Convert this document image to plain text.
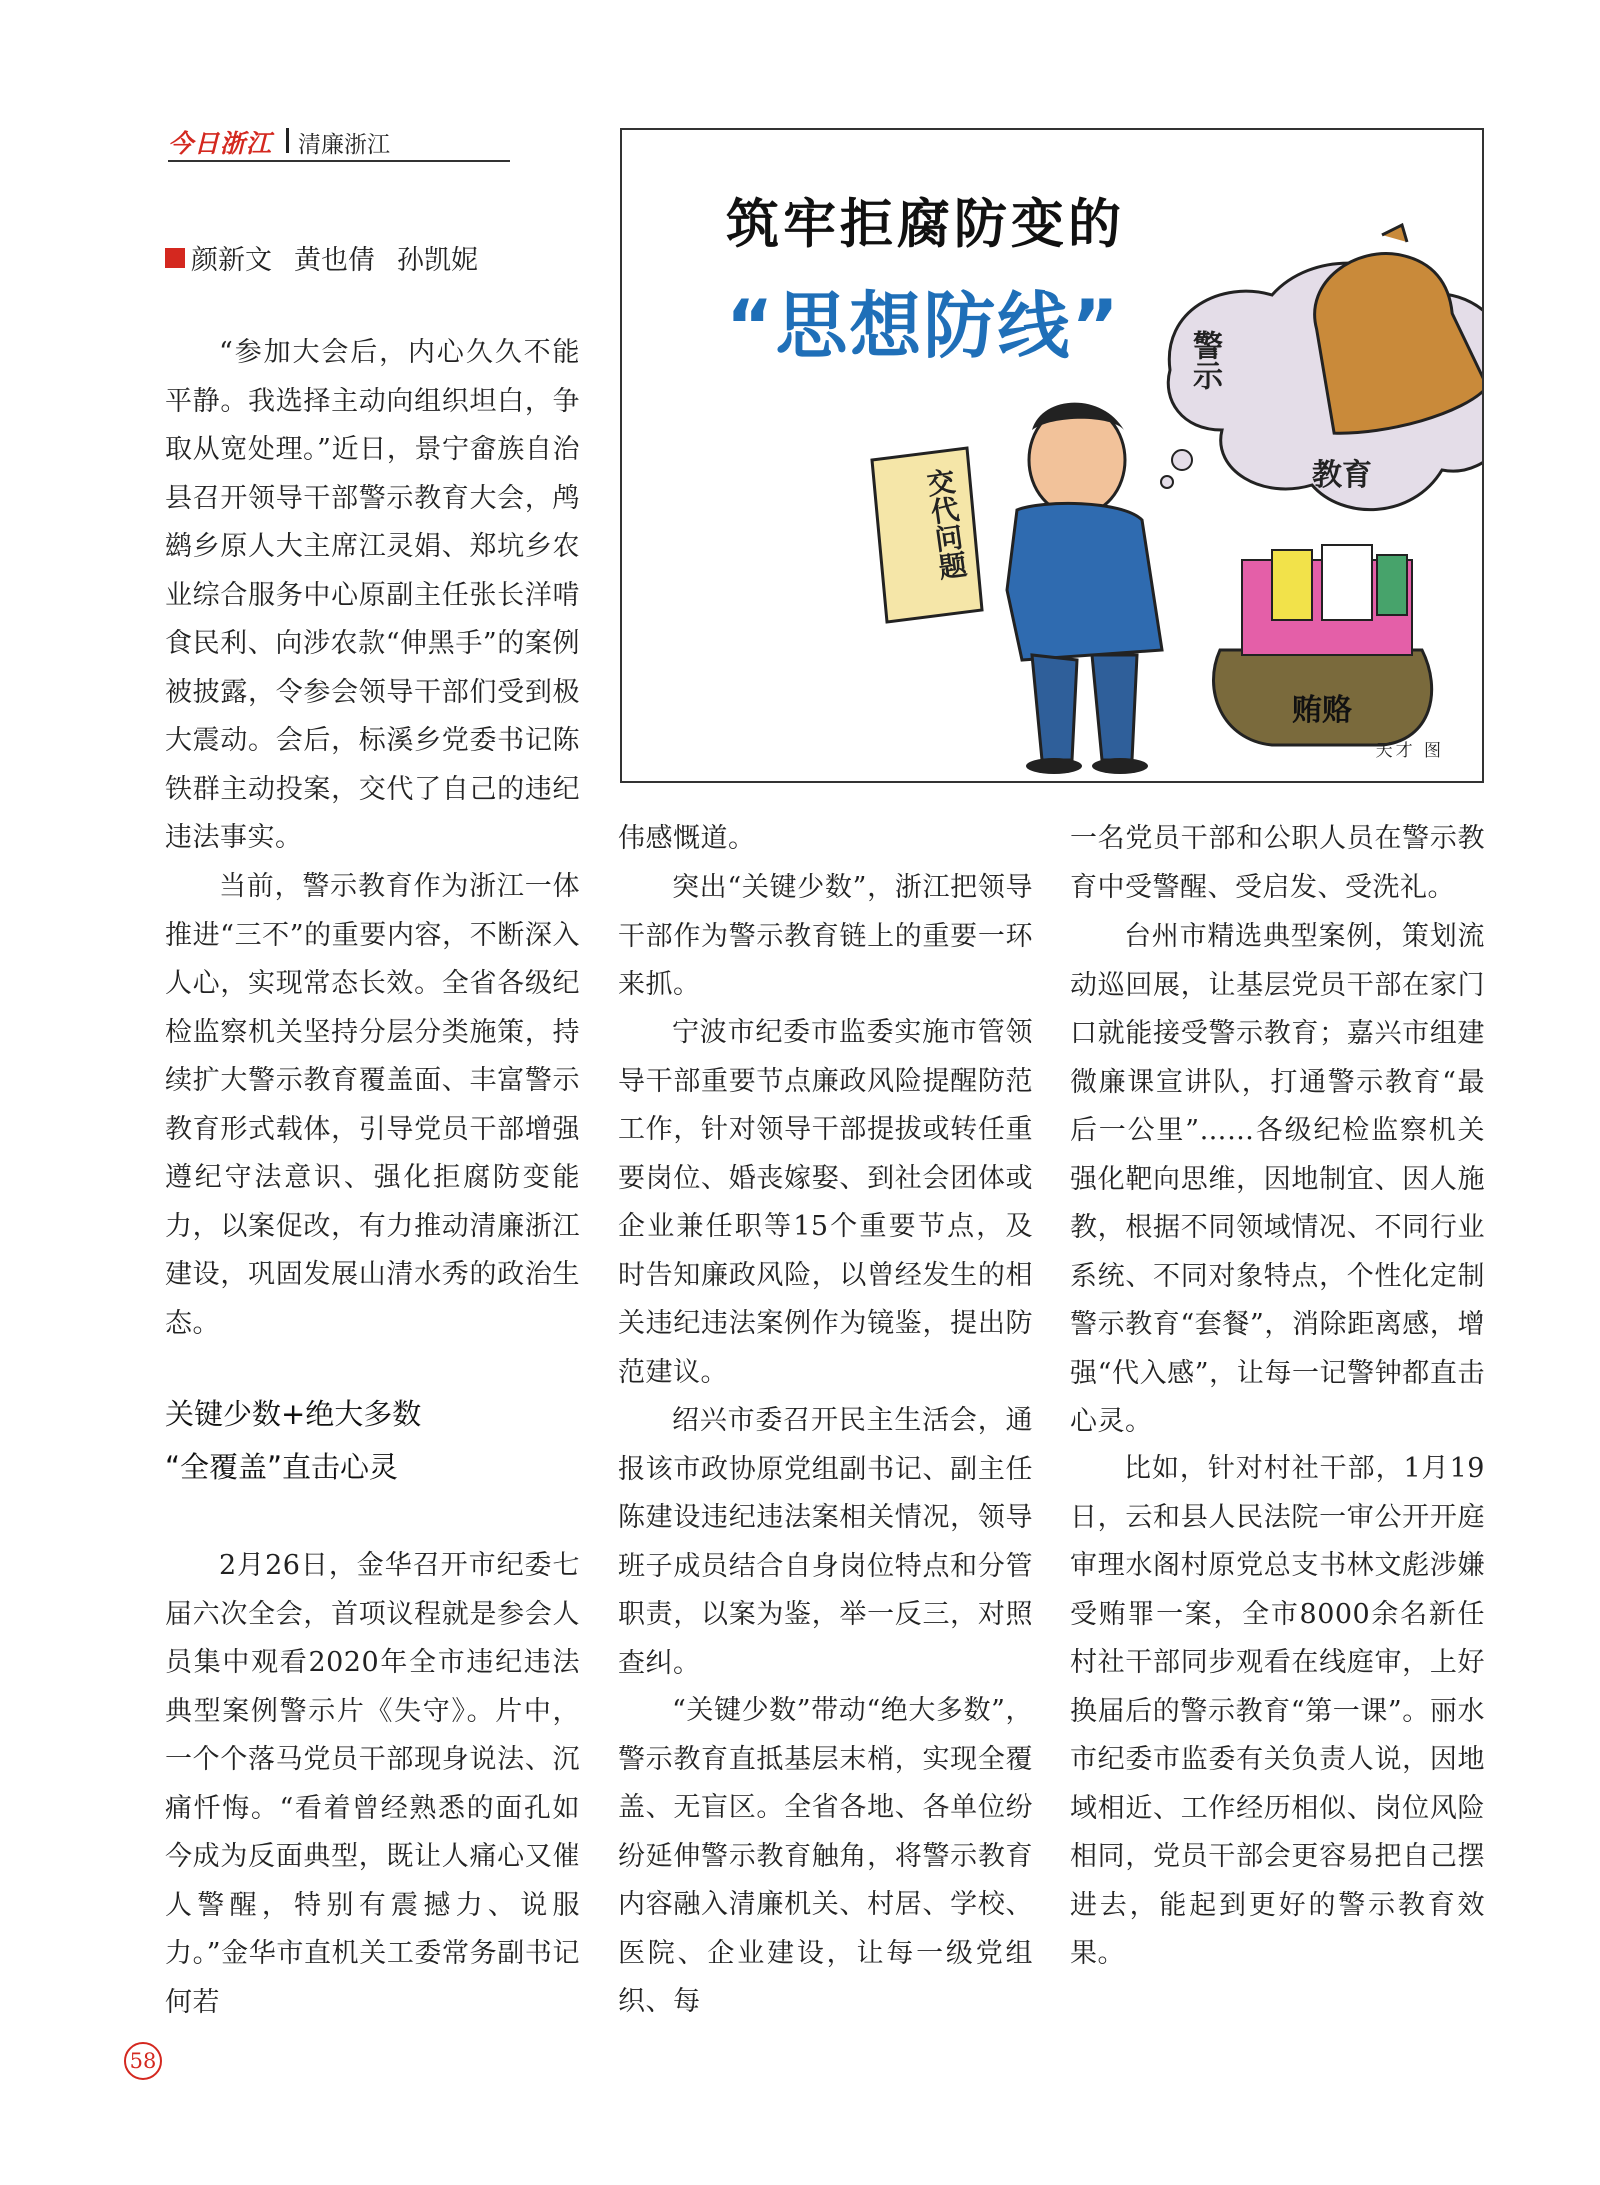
今日浙江 清廉浙江
颜新文 黄也倩 孙凯妮
筑牢拒腐防变的
“思想防线”
交代问题
警示
教育
贿赂
天才 图

“参加大会后，内心久久不能平静。我选择主动向组织坦白，争取从宽处理。”近日，景宁畲族自治县召开领导干部警示教育大会，鸬鹚乡原人大主席江灵娟、郑坑乡农业综合服务中心原副主任张长洋啃食民利、向涉农款“伸黑手”的案例被披露，令参会领导干部们受到极大震动。会后，标溪乡党委书记陈铁群主动投案，交代了自己的违纪违法事实。

当前，警示教育作为浙江一体推进“三不”的重要内容，不断深入人心，实现常态长效。全省各级纪检监察机关坚持分层分类施策，持续扩大警示教育覆盖面、丰富警示教育形式载体，引导党员干部增强遵纪守法意识、强化拒腐防变能力，以案促改，有力推动清廉浙江建设，巩固发展山清水秀的政治生态。

关键少数+绝大多数
“全覆盖”直击心灵

2月26日，金华召开市纪委七届六次全会，首项议程就是参会人员集中观看2020年全市违纪违法典型案例警示片《失守》。片中，一个个落马党员干部现身说法、沉痛忏悔。“看着曾经熟悉的面孔如今成为反面典型，既让人痛心又催人警醒，特别有震撼力、说服力。”金华市直机关工委常务副书记何若

伟感慨道。

突出“关键少数”，浙江把领导干部作为警示教育链上的重要一环来抓。

宁波市纪委市监委实施市管领导干部重要节点廉政风险提醒防范工作，针对领导干部提拔或转任重要岗位、婚丧嫁娶、到社会团体或企业兼任职等15个重要节点，及时告知廉政风险，以曾经发生的相关违纪违法案例作为镜鉴，提出防范建议。

绍兴市委召开民主生活会，通报该市政协原党组副书记、副主任陈建设违纪违法案相关情况，领导班子成员结合自身岗位特点和分管职责，以案为鉴，举一反三，对照查纠。

“关键少数”带动“绝大多数”，警示教育直抵基层末梢，实现全覆盖、无盲区。全省各地、各单位纷纷延伸警示教育触角，将警示教育内容融入清廉机关、村居、学校、医院、企业建设，让每一级党组织、每

一名党员干部和公职人员在警示教育中受警醒、受启发、受洗礼。

台州市精选典型案例，策划流动巡回展，让基层党员干部在家门口就能接受警示教育；嘉兴市组建微廉课宣讲队，打通警示教育“最后一公里”……各级纪检监察机关强化靶向思维，因地制宜、因人施教，根据不同领域情况、不同行业系统、不同对象特点，个性化定制警示教育“套餐”，消除距离感，增强“代入感”，让每一记警钟都直击心灵。

比如，针对村社干部，1月19日，云和县人民法院一审公开开庭审理水阁村原党总支书林文彪涉嫌受贿罪一案，全市8000余名新任村社干部同步观看在线庭审，上好换届后的警示教育“第一课”。丽水市纪委市监委有关负责人说，因地域相近、工作经历相似、岗位风险相同，党员干部会更容易把自己摆进去，能起到更好的警示教育效果。

58
